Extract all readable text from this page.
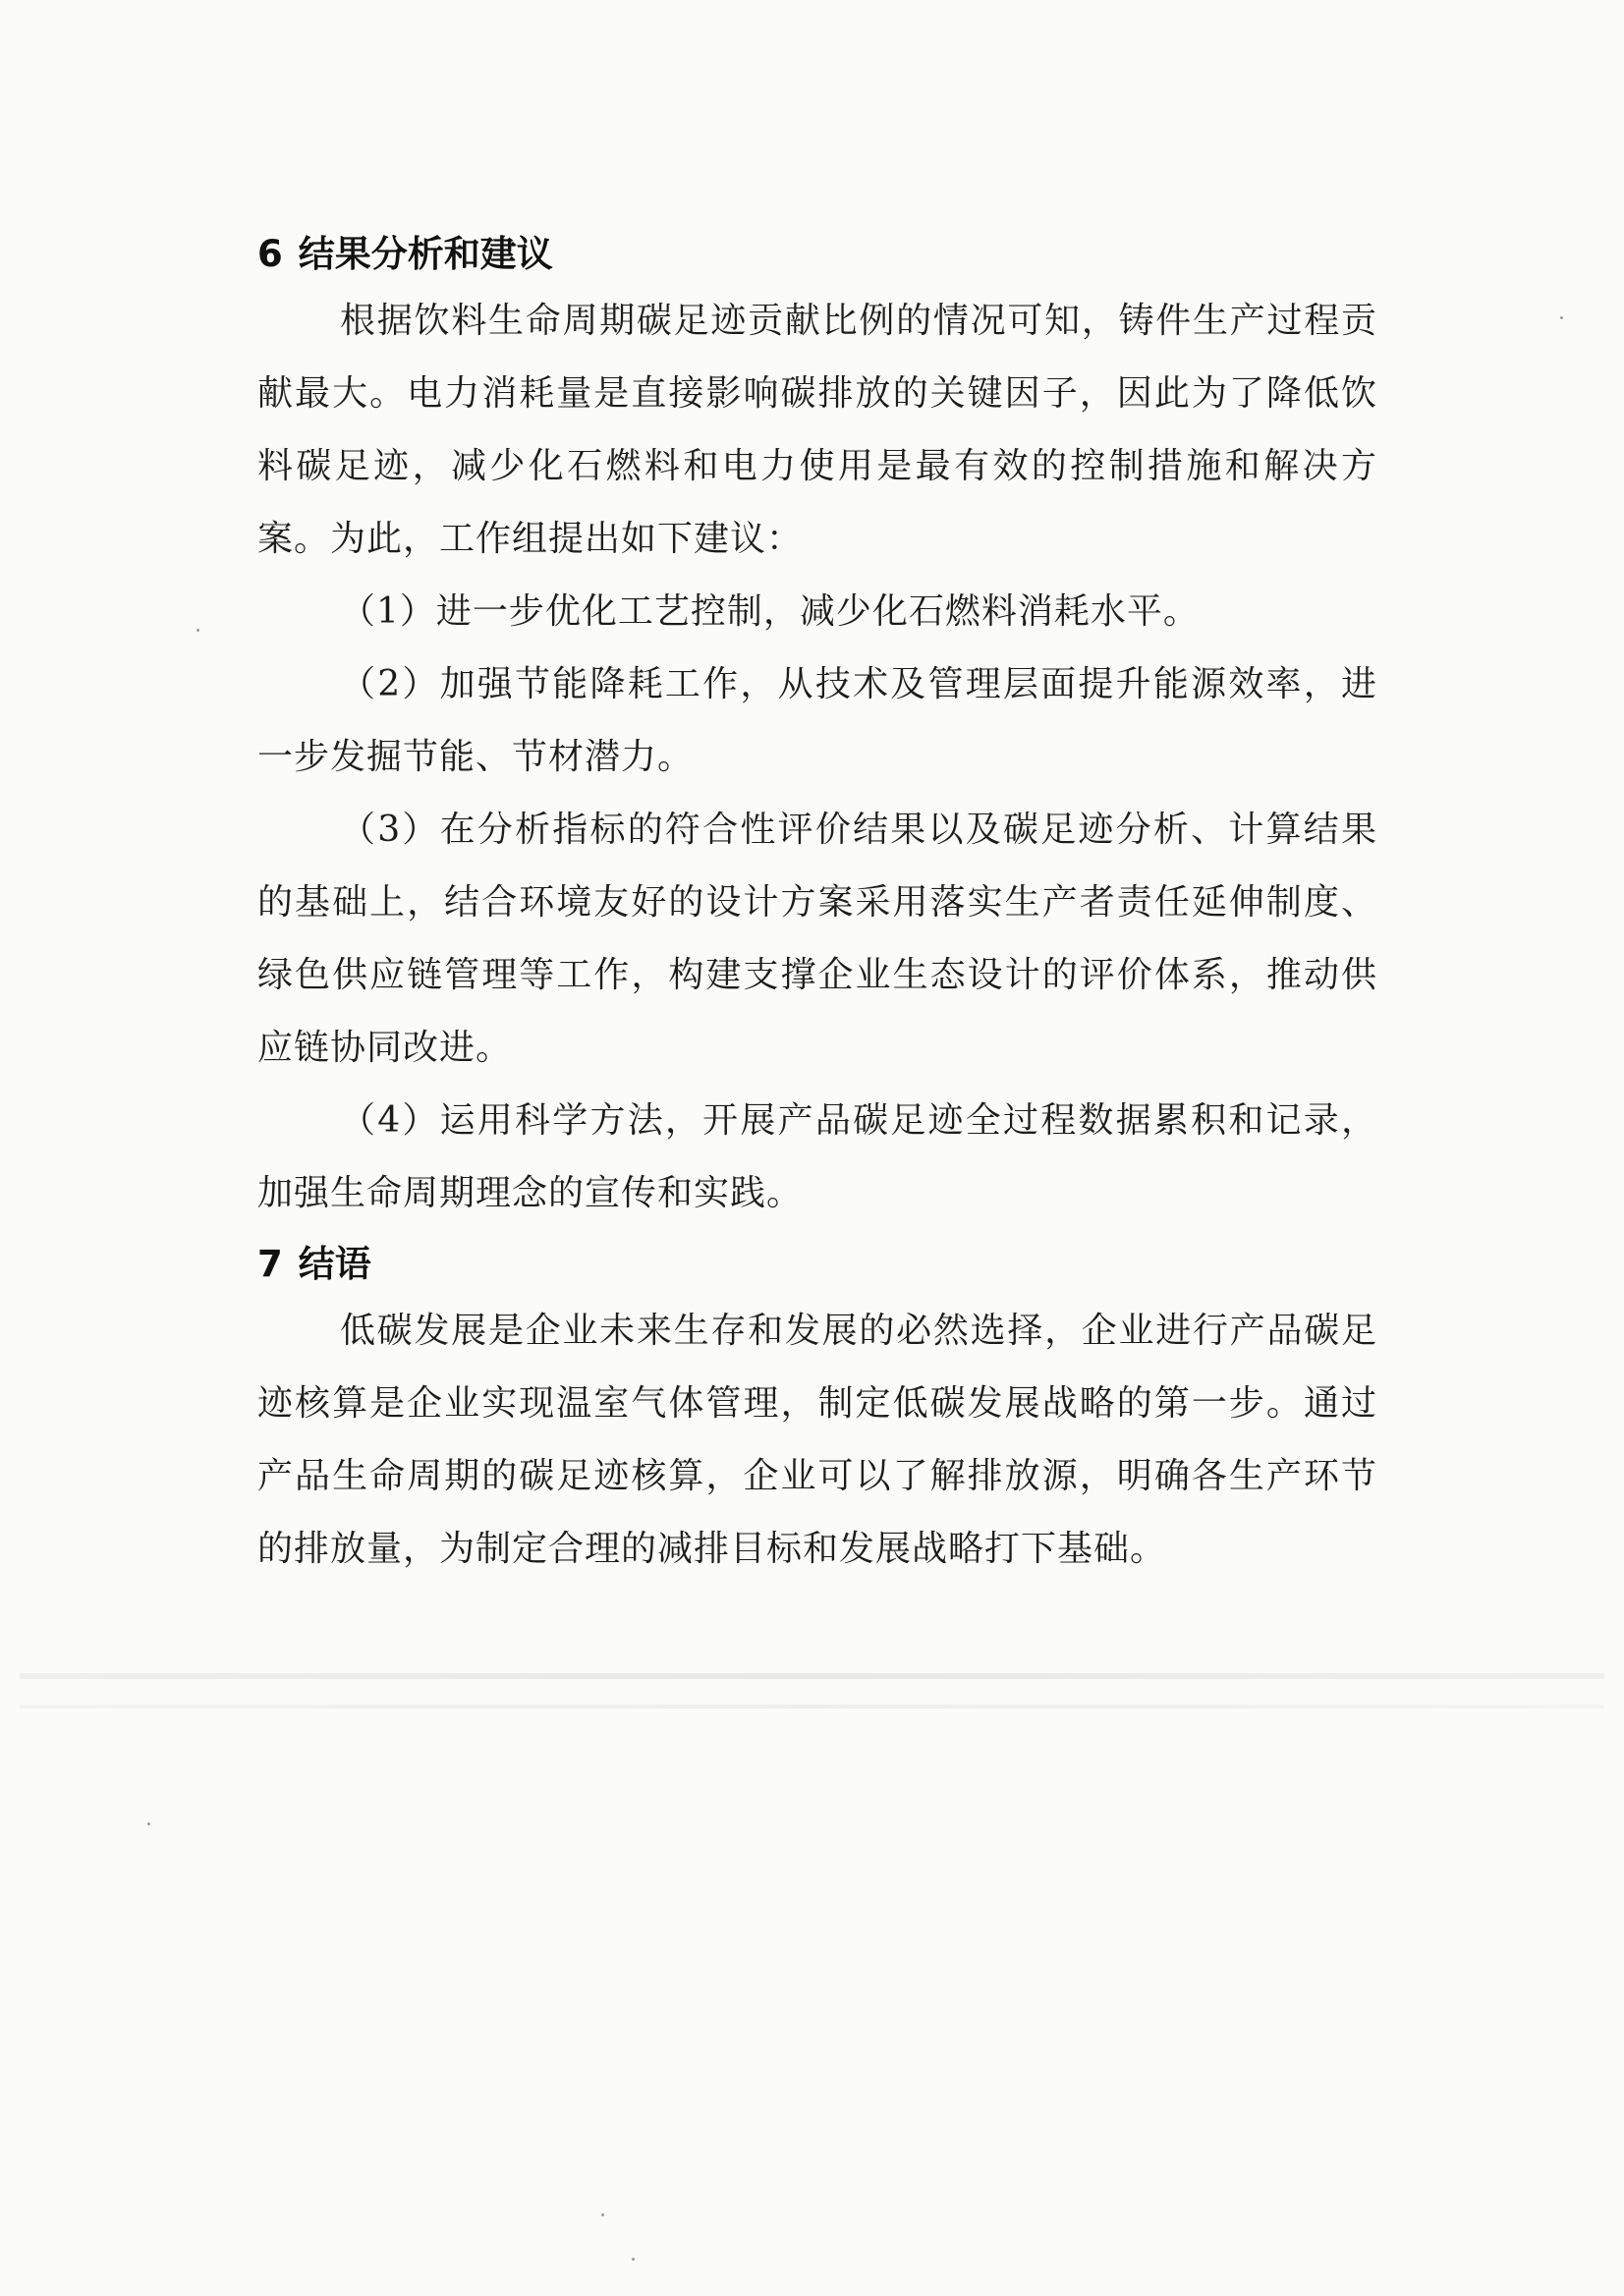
6 结果分析和建议

根据饮料生命周期碳足迹贡献比例的情况可知，铸件生产过程贡献最大。电力消耗量是直接影响碳排放的关键因子，因此为了降低饮料碳足迹，减少化石燃料和电力使用是最有效的控制措施和解决方案。为此，工作组提出如下建议：

（1）进一步优化工艺控制，减少化石燃料消耗水平。

（2）加强节能降耗工作，从技术及管理层面提升能源效率，进一步发掘节能、节材潜力。

（3）在分析指标的符合性评价结果以及碳足迹分析、计算结果的基础上，结合环境友好的设计方案采用落实生产者责任延伸制度、绿色供应链管理等工作，构建支撑企业生态设计的评价体系，推动供应链协同改进。

（4）运用科学方法，开展产品碳足迹全过程数据累积和记录，加强生命周期理念的宣传和实践。

7 结语

低碳发展是企业未来生存和发展的必然选择，企业进行产品碳足迹核算是企业实现温室气体管理，制定低碳发展战略的第一步。通过产品生命周期的碳足迹核算，企业可以了解排放源，明确各生产环节的排放量，为制定合理的减排目标和发展战略打下基础。
